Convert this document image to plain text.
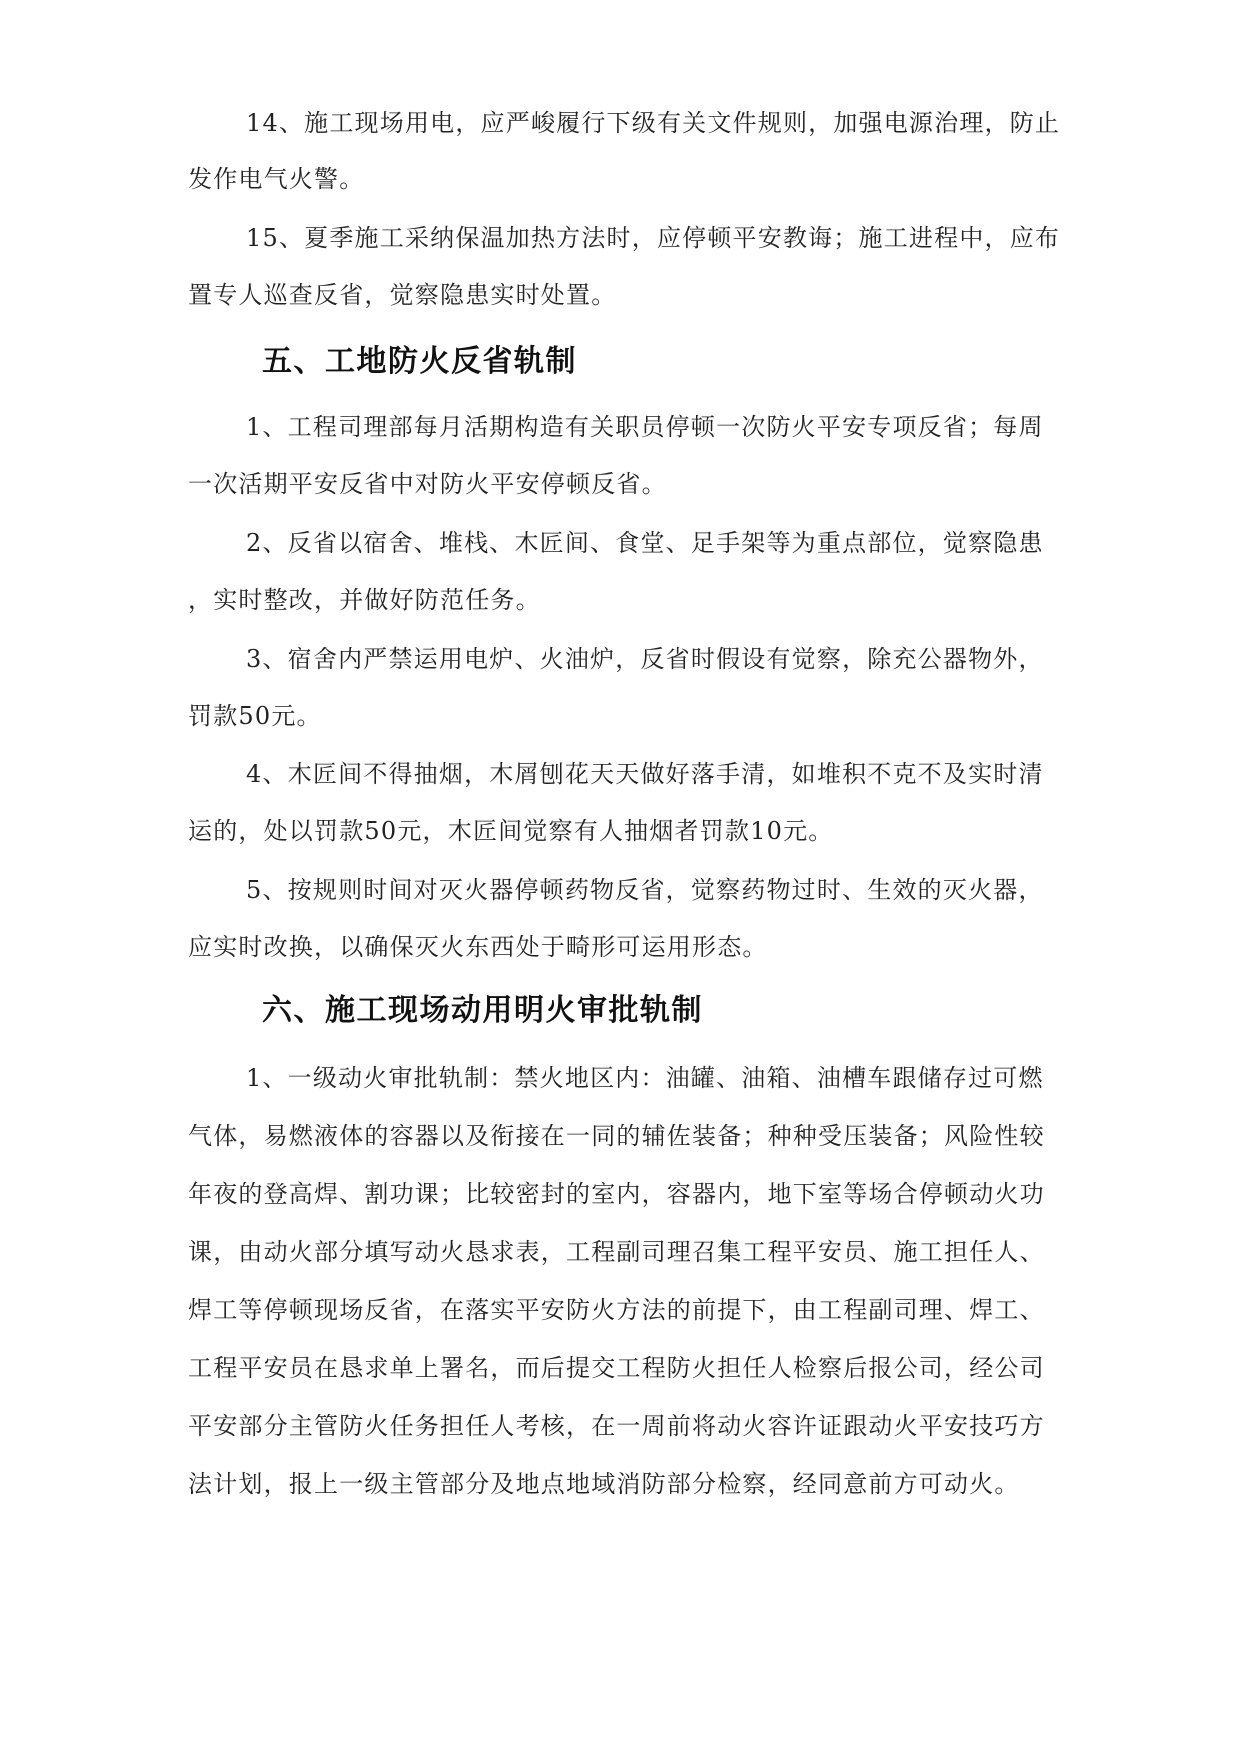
14、施工现场用电，应严峻履行下级有关文件规则，加强电源治理，防止
发作电气火警。
15、夏季施工采纳保温加热方法时，应停顿平安教诲；施工进程中，应布
置专人巡查反省，觉察隐患实时处置。
五、工地防火反省轨制
1、工程司理部每月活期构造有关职员停顿一次防火平安专项反省；每周
一次活期平安反省中对防火平安停顿反省。
2、反省以宿舍、堆栈、木匠间、食堂、足手架等为重点部位，觉察隐患
，实时整改，并做好防范任务。
3、宿舍内严禁运用电炉、火油炉，反省时假设有觉察，除充公器物外，
罚款50元。
4、木匠间不得抽烟，木屑刨花天天做好落手清，如堆积不克不及实时清
运的，处以罚款50元，木匠间觉察有人抽烟者罚款10元。
5、按规则时间对灭火器停顿药物反省，觉察药物过时、生效的灭火器，
应实时改换，以确保灭火东西处于畸形可运用形态。
六、施工现场动用明火审批轨制
1、一级动火审批轨制：禁火地区内：油罐、油箱、油槽车跟储存过可燃
气体，易燃液体的容器以及衔接在一同的辅佐装备；种种受压装备；风险性较
年夜的登高焊、割功课；比较密封的室内，容器内，地下室等场合停顿动火功
课，由动火部分填写动火恳求表，工程副司理召集工程平安员、施工担任人、
焊工等停顿现场反省，在落实平安防火方法的前提下，由工程副司理、焊工、
工程平安员在恳求单上署名，而后提交工程防火担任人检察后报公司，经公司
平安部分主管防火任务担任人考核，在一周前将动火容许证跟动火平安技巧方
法计划，报上一级主管部分及地点地域消防部分检察，经同意前方可动火。
